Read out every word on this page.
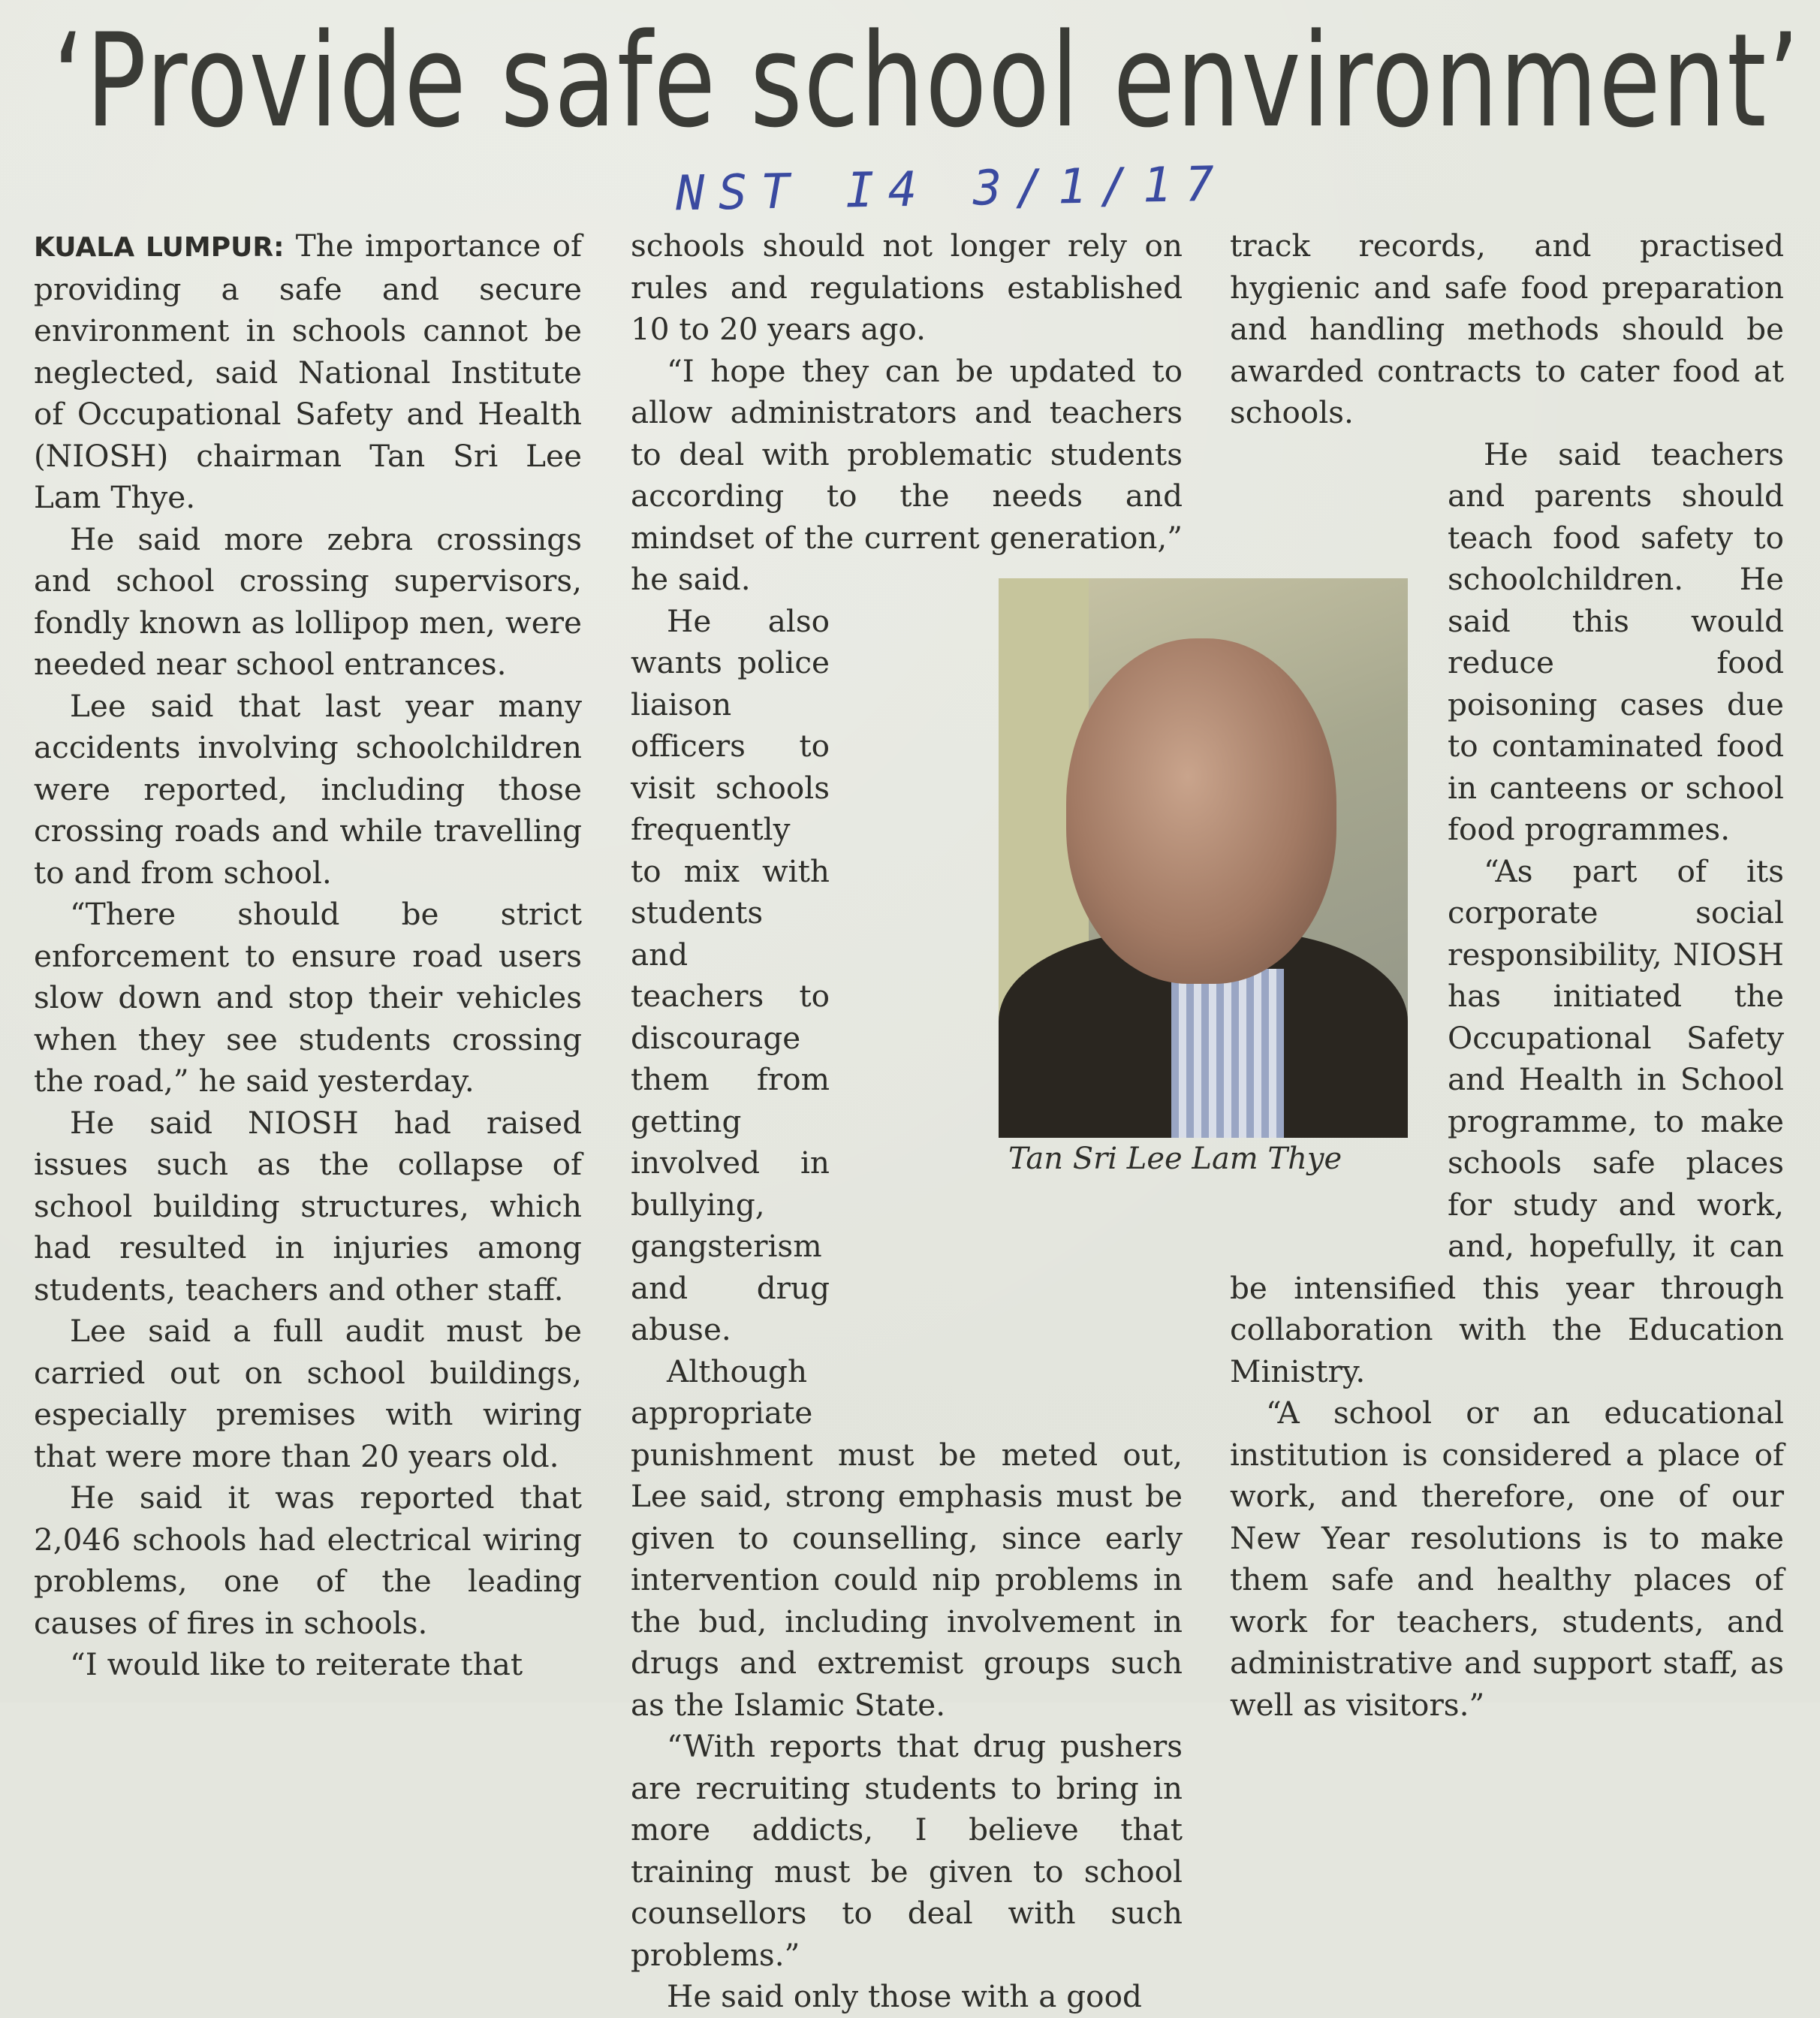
‘Provide safe school environment’
NST I4 3/1/17

KUALA LUMPUR: The importance of providing a safe and secure environment in schools cannot be neglected, said National Institute of Occupational Safety and Health (NIOSH) chairman Tan Sri Lee Lam Thye.

He said more zebra crossings and school crossing supervisors, fondly known as lollipop men, were needed near school entrances.

Lee said that last year many accidents involving schoolchildren were reported, including those crossing roads and while travelling to and from school.

“There should be strict enforcement to ensure road users slow down and stop their vehicles when they see students crossing the road,” he said yesterday.

He said NIOSH had raised issues such as the collapse of school building structures, which had resulted in injuries among students, teachers and other staff.

Lee said a full audit must be carried out on school buildings, especially premises with wiring that were more than 20 years old.

He said it was reported that 2,046 schools had electrical wiring problems, one of the leading causes of fires in schools.

“I would like to reiterate that

schools should not longer rely on rules and regulations established 10 to 20 years ago.

“I hope they can be updated to allow administrators and teachers to deal with problematic students according to the needs and mindset of the current generation,” he said.

He also wants police liaison officers to visit schools frequently to mix with students and teachers to discourage them from getting involved in bullying, gangsterism and drug abuse.

Although appropriate punishment must be meted out, Lee said, strong emphasis must be given to counselling, since early intervention could nip problems in the bud, including involvement in drugs and extremist groups such as the Islamic State.

“With reports that drug pushers are recruiting students to bring in more addicts, I believe that training must be given to school counsellors to deal with such problems.”

He said only those with a good

track records, and practised hygienic and safe food preparation and handling methods should be awarded contracts to cater food at schools.

He said teachers and parents should teach food safety to schoolchildren. He said this would reduce food poisoning cases due to contaminated food in canteens or school food programmes.

“As part of its corporate social responsibility, NIOSH has initiated the Occupational Safety and Health in School programme, to make schools safe places for study and work, and, hopefully, it can be intensified this year through collaboration with the Education Ministry.

“A school or an educational institution is considered a place of work, and therefore, one of our New Year resolutions is to make them safe and healthy places of work for teachers, students, and administrative and support staff, as well as visitors.”

Tan Sri Lee Lam Thye
